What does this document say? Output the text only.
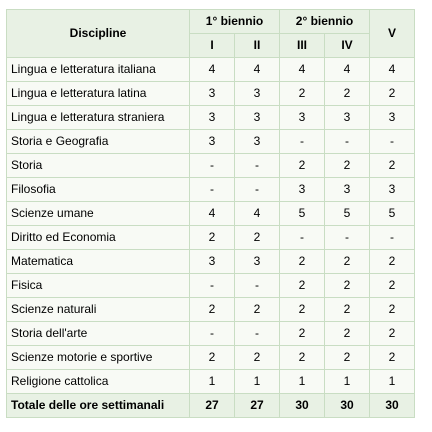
Discipline	1° biennio		2° biennio		V
	I	II	III	IV	
Lingua e letteratura italiana	4	4	4	4	4
Lingua e letteratura latina	3	3	2	2	2
Lingua e letteratura straniera	3	3	3	3	3
Storia e Geografia	3	3	-	-	-
Storia	-	-	2	2	2
Filosofia	-	-	3	3	3
Scienze umane	4	4	5	5	5
Diritto ed Economia	2	2	-	-	-
Matematica	3	3	2	2	2
Fisica	-	-	2	2	2
Scienze naturali	2	2	2	2	2
Storia dell'arte	-	-	2	2	2
Scienze motorie e sportive	2	2	2	2	2
Religione cattolica	1	1	1	1	1
Totale delle ore settimanali	27	27	30	30	30
